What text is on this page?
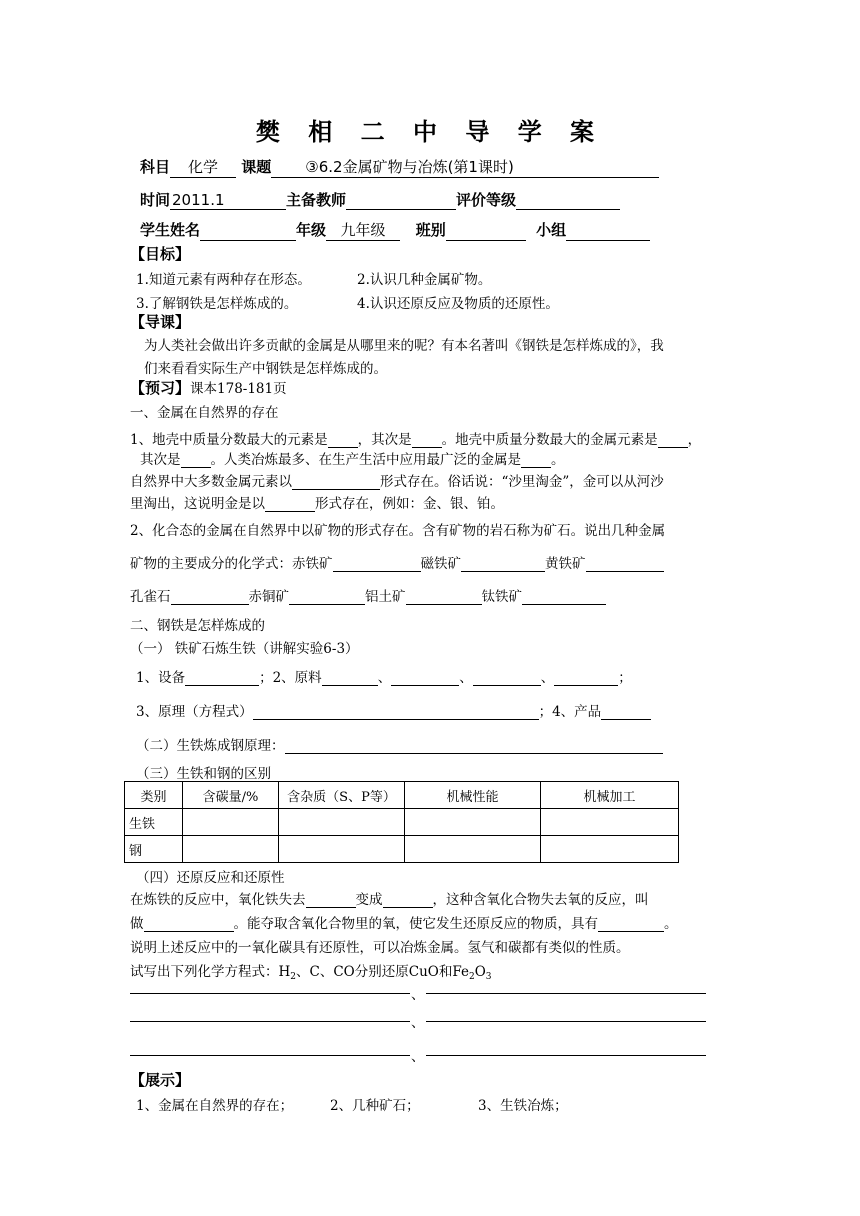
樊 相 二 中 导 学 案
科目 化学 课题 ③6.2金属矿物与冶炼(第1课时)
时间 2011.1	主备教师	评价等级
学生姓名	年级 九年级 班别	小组
【目标】
1.知道元素有两种存在形态。	2.认识几种金属矿物。
3.了解钢铁是怎样炼成的。	4.认识还原反应及物质的还原性。
【导课】
为人类社会做出许多贡献的金属是从哪里来的呢？有本名著叫《钢铁是怎样炼成的》，我
们来看看实际生产中钢铁是怎样炼成的。
【预习】课本178-181页
一、金属在自然界的存在
1、地壳中质量分数最大的元素是 ，其次是 。地壳中质量分数最大的金属元素是 ，
其次是 。人类冶炼最多、在生产生活中应用最广泛的金属是 。
自然界中大多数金属元素以	形式存在。俗话说：“沙里淘金”，金可以从河沙
里淘出，这说明金是以	形式存在，例如：金、银、铂。
2、化合态的金属在自然界中以矿物的形式存在。含有矿物的岩石称为矿石。说出几种金属
矿物的主要成分的化学式：赤铁矿	磁铁矿	黄铁矿
孔雀石	赤铜矿	铝土矿	钛铁矿
二、钢铁是怎样炼成的
（一） 铁矿石炼生铁（讲解实验6-3）
1、设备	；2、原料	、	、	、	；
3、原理（方程式）	；4、产品
（二）生铁炼成钢原理：
（三）生铁和钢的区别
类别	含碳量/%	含杂质（S、P等）	机械性能	机械加工
生铁				
钢				
（四）还原反应和还原性
在炼铁的反应中，氧化铁失去	变成	，这种含氧化合物失去氧的反应，叫
做	。能夺取含氧化合物里的氧，使它发生还原反应的物质，具有	。
说明上述反应中的一氧化碳具有还原性，可以冶炼金属。氢气和碳都有类似的性质。
试写出下列化学方程式：$H_2$、C、CO分别还原CuO和$Fe_2O_3$
、
、
、
【展示】
1、金属在自然界的存在；	2、几种矿石；	3、生铁冶炼；
